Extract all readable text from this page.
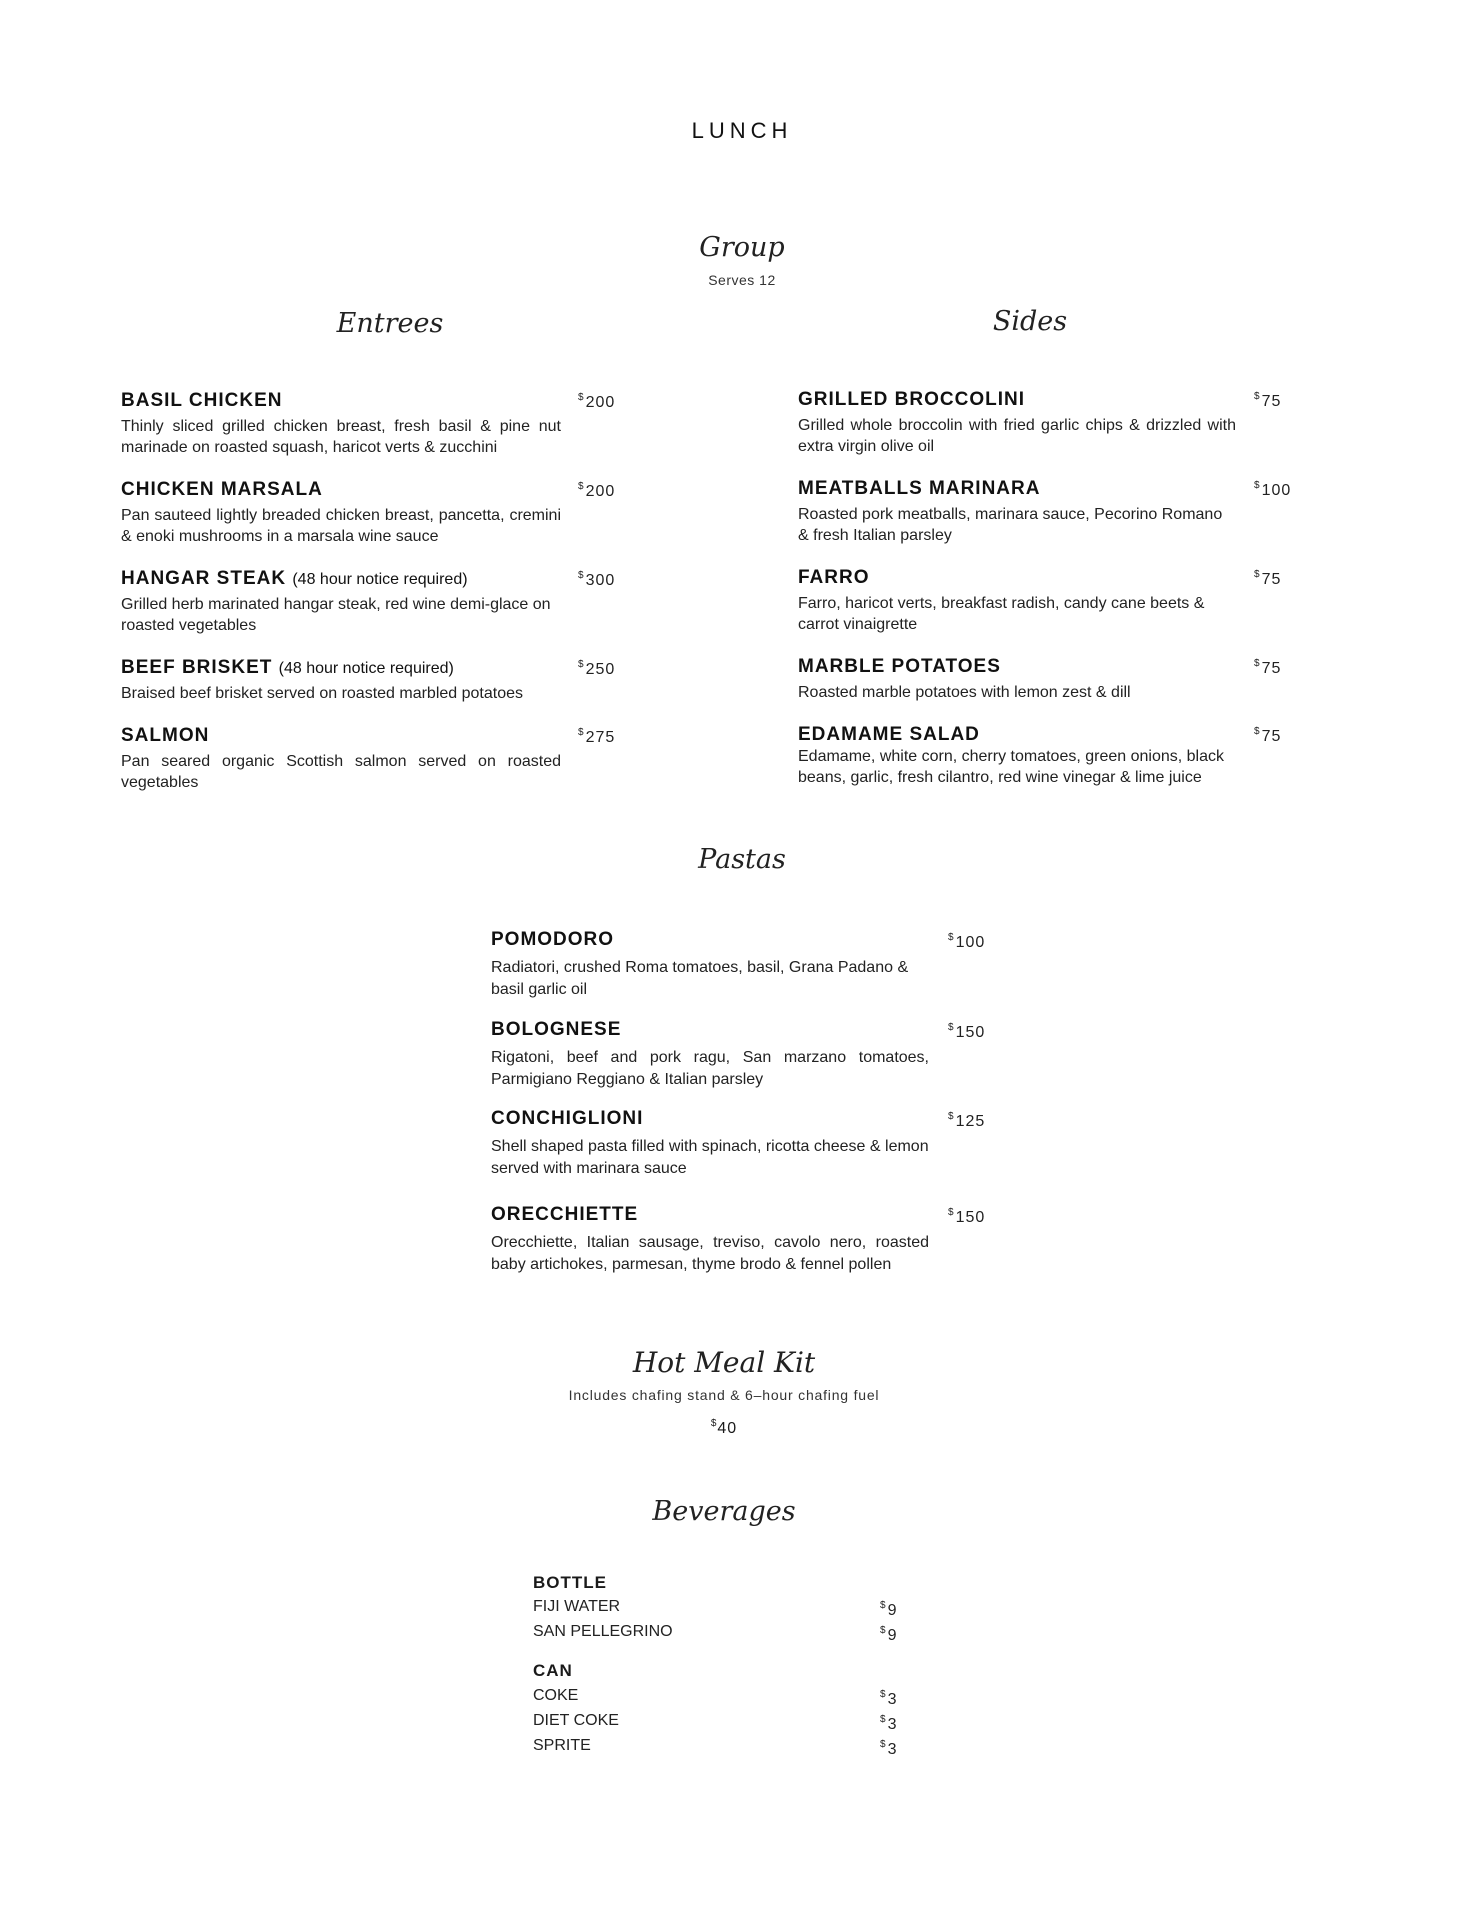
LUNCH
Group
Serves 12
Entrees	Sides
BASIL CHICKEN
Thinly sliced grilled chicken breast, fresh basil & pine nut marinade on roasted squash, haricot verts & zucchini
$200
CHICKEN MARSALA
Pan sauteed lightly breaded chicken breast, pancetta, cremini & enoki mushrooms in a marsala wine sauce
$200
HANGAR STEAK (48 hour notice required)
Grilled herb marinated hangar steak, red wine demi-glace on roasted vegetables
$300
BEEF BRISKET (48 hour notice required)
Braised beef brisket served on roasted marbled potatoes
$250
SALMON
Pan seared organic Scottish salmon served on roasted vegetables
$275
GRILLED BROCCOLINI
Grilled whole broccolin with fried garlic chips & drizzled with extra virgin olive oil
$75
MEATBALLS MARINARA
Roasted pork meatballs, marinara sauce, Pecorino Romano & fresh Italian parsley
$100
FARRO
Farro, haricot verts, breakfast radish, candy cane beets & carrot vinaigrette
$75
MARBLE POTATOES
Roasted marble potatoes with lemon zest & dill
$75
EDAMAME SALAD
Edamame, white corn, cherry tomatoes, green onions, black beans, garlic, fresh cilantro, red wine vinegar & lime juice
$75
Pastas
POMODORO
Radiatori, crushed Roma tomatoes, basil, Grana Padano & basil garlic oil
$100
BOLOGNESE
Rigatoni, beef and pork ragu, San marzano tomatoes, Parmigiano Reggiano & Italian parsley
$150
CONCHIGLIONI
Shell shaped pasta filled with spinach, ricotta cheese & lemon served with marinara sauce
$125
ORECCHIETTE
Orecchiette, Italian sausage, treviso, cavolo nero, roasted baby artichokes, parmesan, thyme brodo & fennel pollen
$150
Hot Meal Kit
Includes chafing stand & 6–hour chafing fuel
$40
Beverages
BOTTLE
FIJI WATER	$9
SAN PELLEGRINO	$9
CAN
COKE	$3
DIET COKE	$3
SPRITE	$3
